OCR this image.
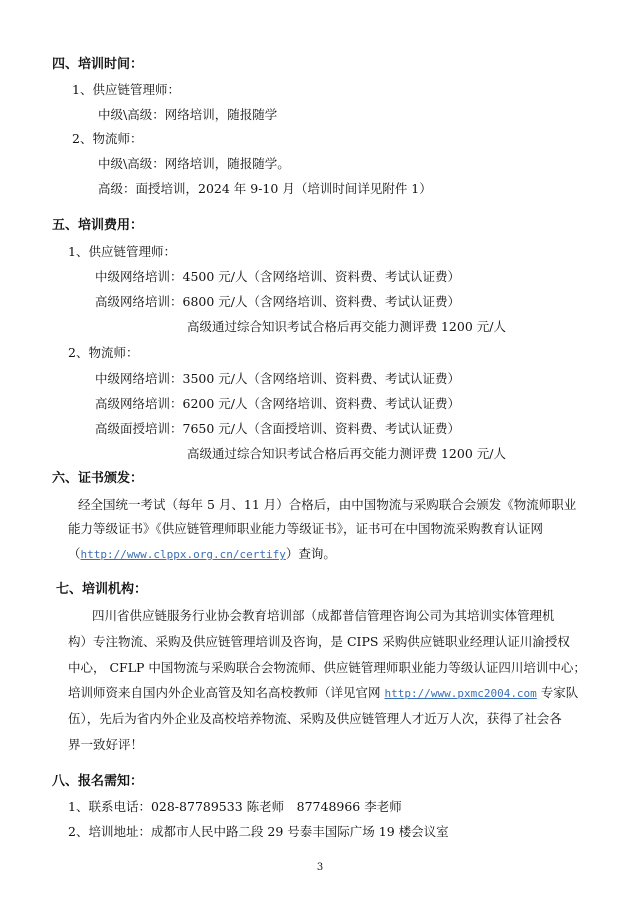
四、培训时间：
1、供应链管理师：
中级\高级：网络培训，随报随学
2、物流师：
中级\高级：网络培训，随报随学。
高级：面授培训，2024 年 9-10 月（培训时间详见附件 1）
五、培训费用：
1、供应链管理师：
中级网络培训：4500 元/人（含网络培训、资料费、考试认证费）
高级网络培训：6800 元/人（含网络培训、资料费、考试认证费）
高级通过综合知识考试合格后再交能力测评费 1200 元/人
2、物流师：
中级网络培训：3500 元/人（含网络培训、资料费、考试认证费）
高级网络培训：6200 元/人（含网络培训、资料费、考试认证费）
高级面授培训：7650 元/人（含面授培训、资料费、考试认证费）
高级通过综合知识考试合格后再交能力测评费 1200 元/人
六、证书颁发：
经全国统一考试（每年 5 月、11 月）合格后，由中国物流与采购联合会颁发《物流师职业
能力等级证书》《供应链管理师职业能力等级证书》，证书可在中国物流采购教育认证网
（http://www.clppx.org.cn/certify）查询。
七、培训机构：
四川省供应链服务行业协会教育培训部（成都普信管理咨询公司为其培训实体管理机
构）专注物流、采购及供应链管理培训及咨询，是 CIPS 采购供应链职业经理认证川渝授权
中心， CFLP 中国物流与采购联合会物流师、供应链管理师职业能力等级认证四川培训中心；
培训师资来自国内外企业高管及知名高校教师（详见官网 http://www.pxmc2004.com 专家队
伍），先后为省内外企业及高校培养物流、采购及供应链管理人才近万人次，获得了社会各
界一致好评！
八、报名需知：
1、联系电话：028-87789533 陈老师　87748966 李老师
2、培训地址：成都市人民中路二段 29 号泰丰国际广场 19 楼会议室
3
